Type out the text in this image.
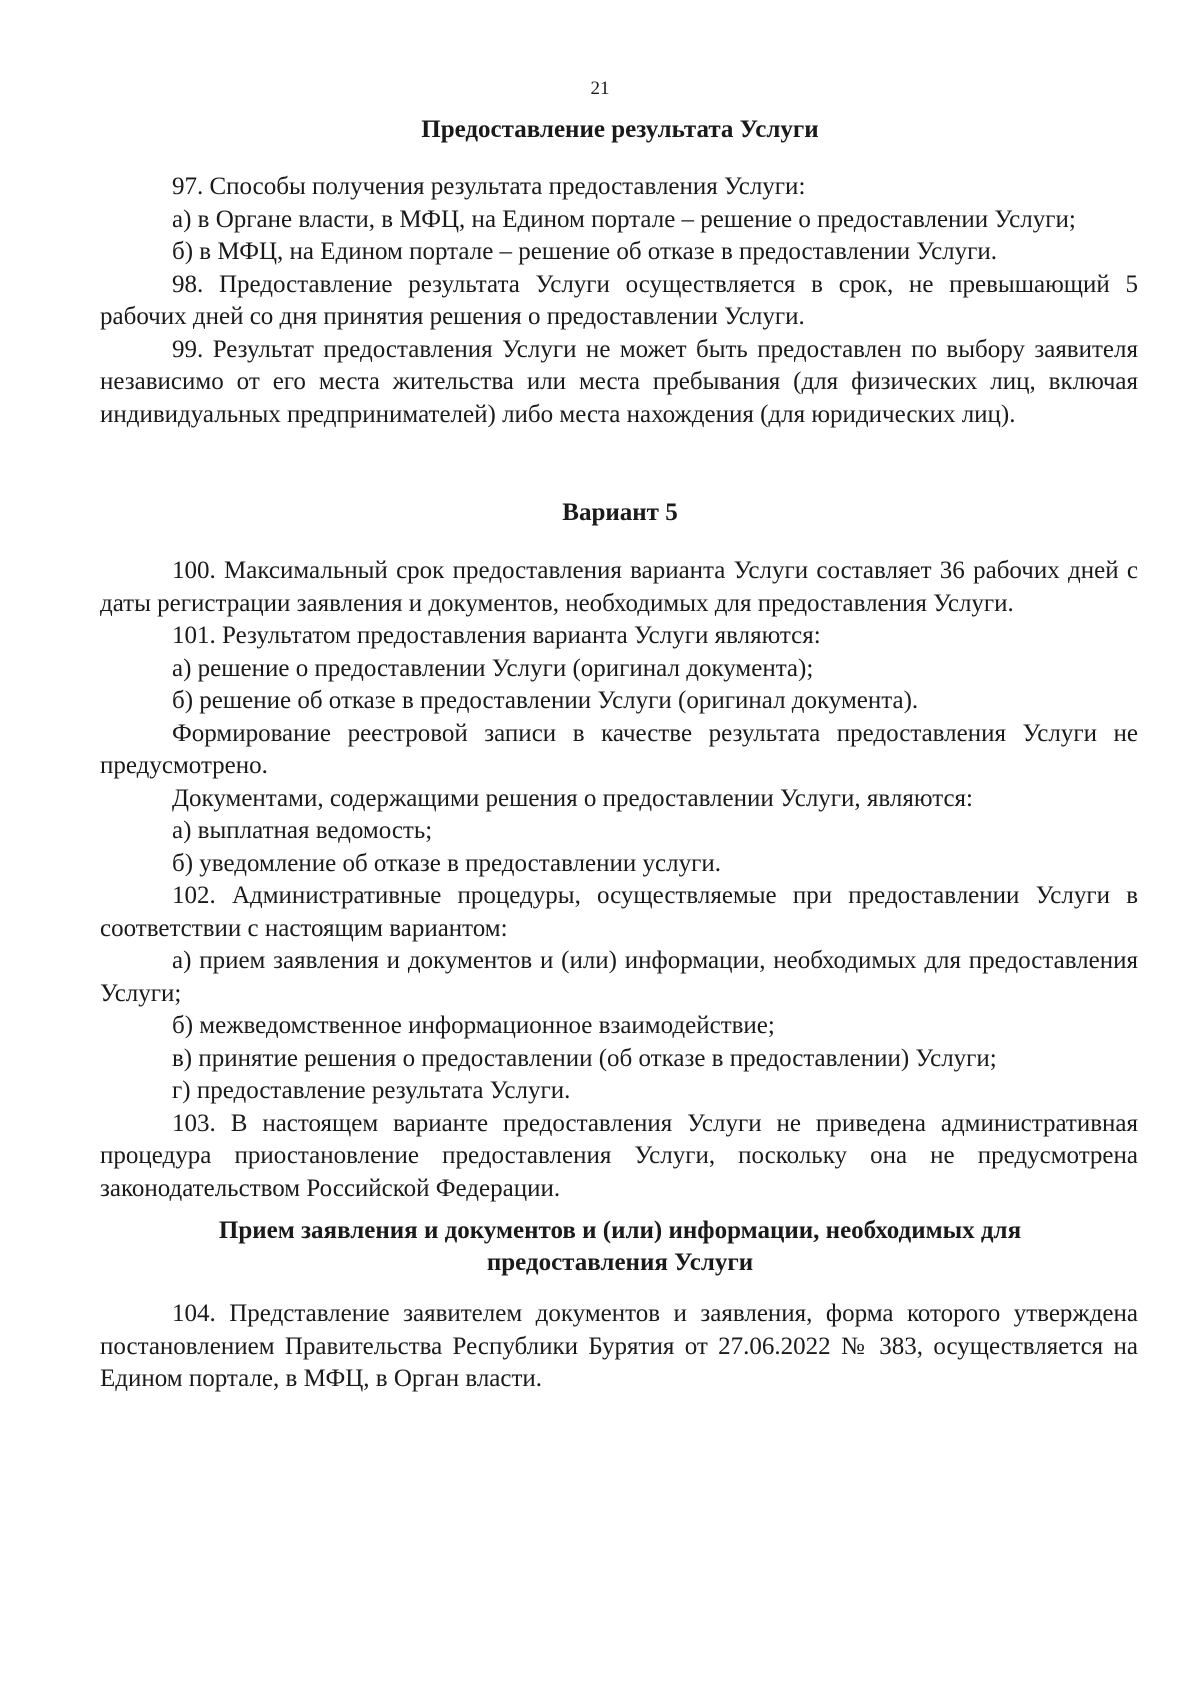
21
Предоставление результата Услуги

97. Способы получения результата предоставления Услуги:

а) в Органе власти, в МФЦ, на Едином портале – решение о предоставлении Услуги;

б) в МФЦ, на Едином портале – решение об отказе в предоставлении Услуги.

98. Предоставление результата Услуги осуществляется в срок, не превышающий 5 рабочих дней со дня принятия решения о предоставлении Услуги.

99. Результат предоставления Услуги не может быть предоставлен по выбору заявителя независимо от его места жительства или места пребывания (для физических лиц, включая индивидуальных предпринимателей) либо места нахождения (для юридических лиц).

Вариант 5

100. Максимальный срок предоставления варианта Услуги составляет 36 рабочих дней с даты регистрации заявления и документов, необходимых для предоставления Услуги.

101. Результатом предоставления варианта Услуги являются:

а) решение о предоставлении Услуги (оригинал документа);

б) решение об отказе в предоставлении Услуги (оригинал документа).

Формирование реестровой записи в качестве результата предоставления Услуги не предусмотрено.

Документами, содержащими решения о предоставлении Услуги, являются:

а) выплатная ведомость;

б) уведомление об отказе в предоставлении услуги.

102. Административные процедуры, осуществляемые при предоставлении Услуги в соответствии с настоящим вариантом:

а) прием заявления и документов и (или) информации, необходимых для предоставления Услуги;

б) межведомственное информационное взаимодействие;

в) принятие решения о предоставлении (об отказе в предоставлении) Услуги;

г) предоставление результата Услуги.

103. В настоящем варианте предоставления Услуги не приведена административная процедура приостановление предоставления Услуги, поскольку она не предусмотрена законодательством Российской Федерации.

Прием заявления и документов и (или) информации, необходимых для
предоставления Услуги

104. Представление заявителем документов и заявления, форма которого утверждена постановлением Правительства Республики Бурятия от 27.06.2022 № 383, осуществляется на Едином портале, в МФЦ, в Орган власти.
